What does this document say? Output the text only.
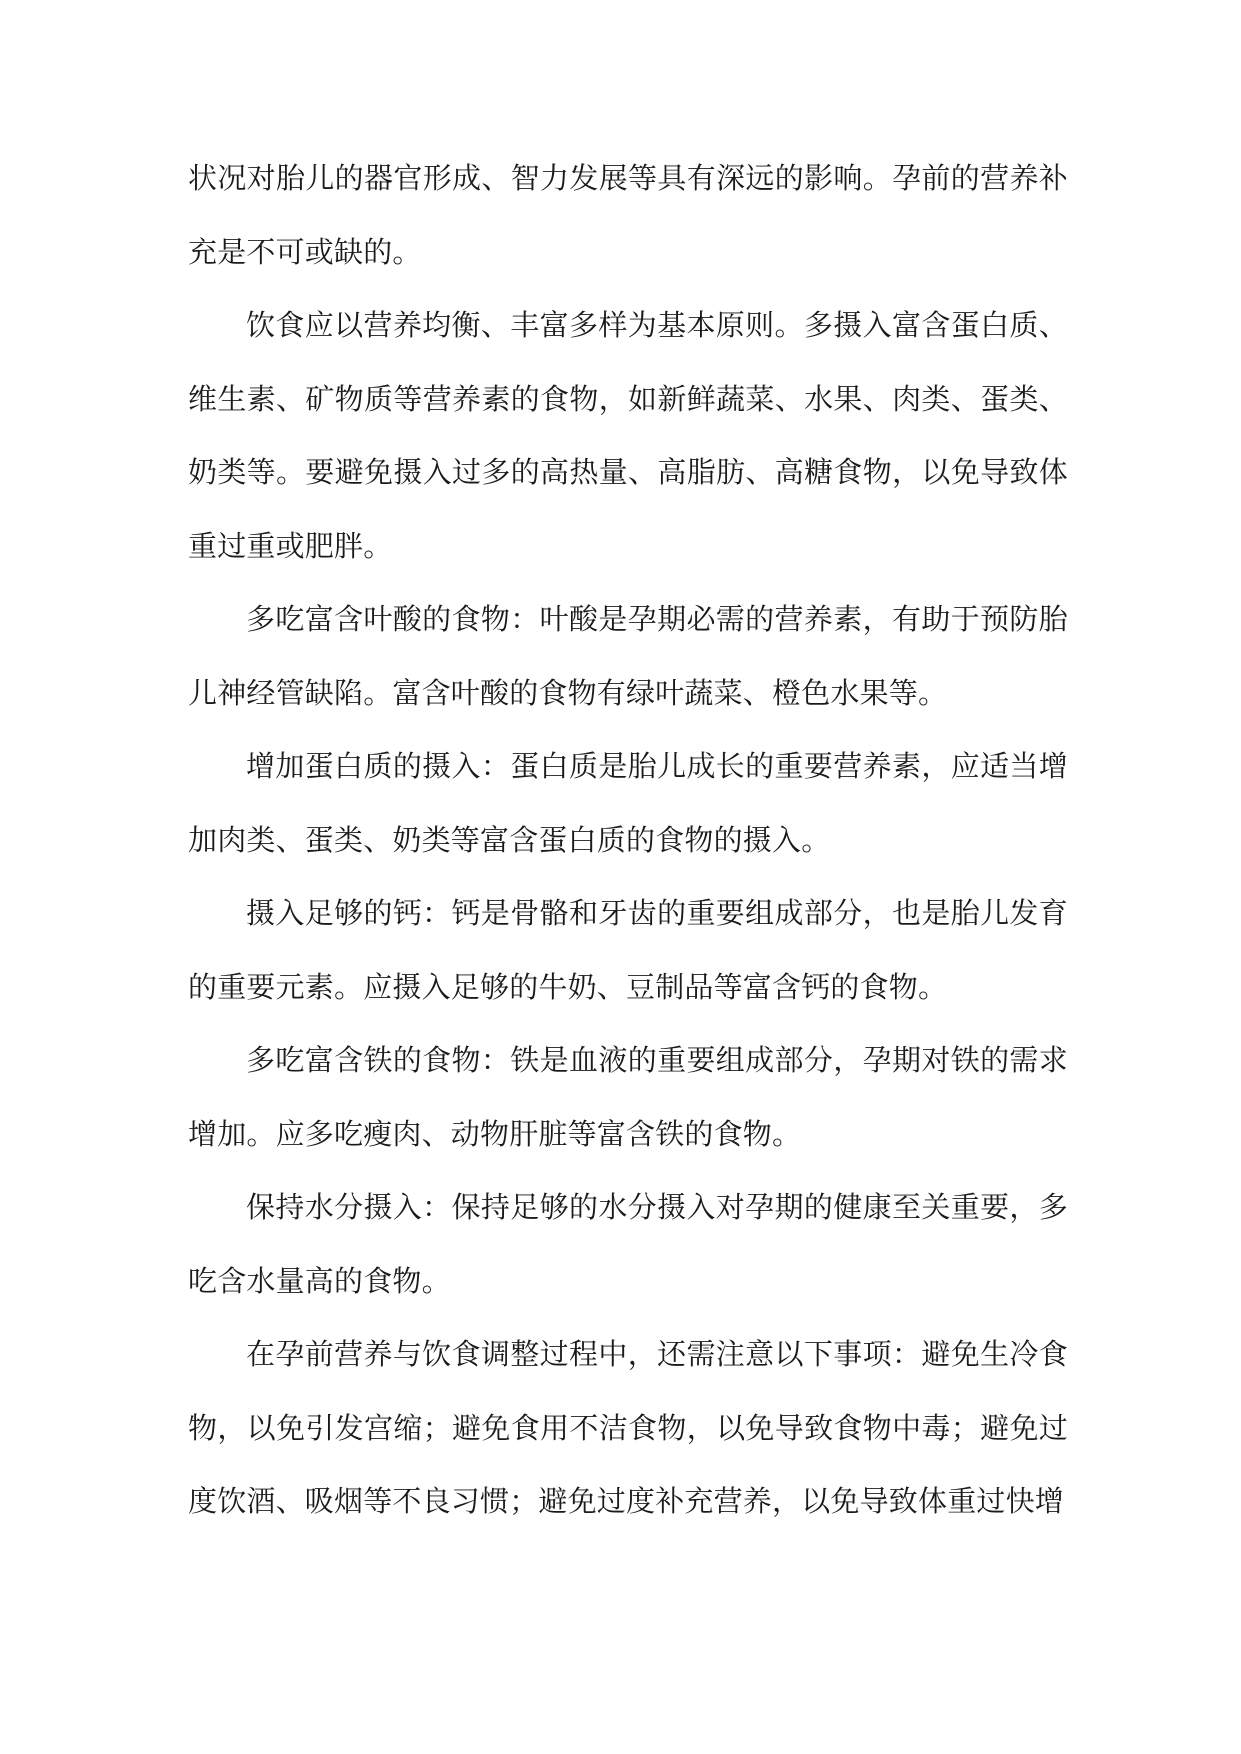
状况对胎儿的器官形成、智力发展等具有深远的影响。孕前的营养补充是不可或缺的。

饮食应以营养均衡、丰富多样为基本原则。多摄入富含蛋白质、维生素、矿物质等营养素的食物，如新鲜蔬菜、水果、肉类、蛋类、奶类等。要避免摄入过多的高热量、高脂肪、高糖食物，以免导致体重过重或肥胖。

多吃富含叶酸的食物：叶酸是孕期必需的营养素，有助于预防胎儿神经管缺陷。富含叶酸的食物有绿叶蔬菜、橙色水果等。

增加蛋白质的摄入：蛋白质是胎儿成长的重要营养素，应适当增加肉类、蛋类、奶类等富含蛋白质的食物的摄入。

摄入足够的钙：钙是骨骼和牙齿的重要组成部分，也是胎儿发育的重要元素。应摄入足够的牛奶、豆制品等富含钙的食物。

多吃富含铁的食物：铁是血液的重要组成部分，孕期对铁的需求增加。应多吃瘦肉、动物肝脏等富含铁的食物。

保持水分摄入：保持足够的水分摄入对孕期的健康至关重要，多吃含水量高的食物。

在孕前营养与饮食调整过程中，还需注意以下事项：避免生冷食物，以免引发宫缩；避免食用不洁食物，以免导致食物中毒；避免过度饮酒、吸烟等不良习惯；避免过度补充营养，以免导致体重过快增
